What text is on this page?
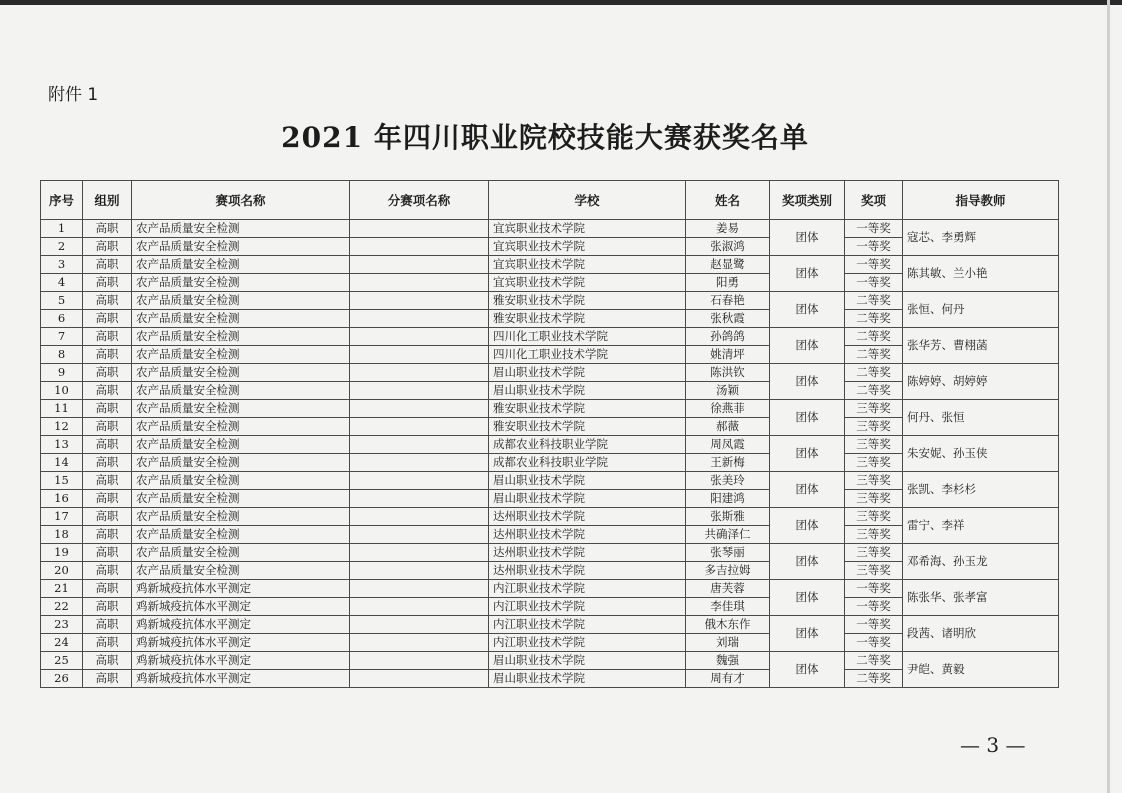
附件 1
2021 年四川职业院校技能大赛获奖名单
序号	组别	赛项名称	分赛项名称	学校	姓名	奖项类别	奖项	指导教师
1	高职	农产品质量安全检测		宜宾职业技术学院	姜易	团体	一等奖	寇芯、李勇辉
2	高职	农产品质量安全检测		宜宾职业技术学院	张淑鸿		一等奖	
3	高职	农产品质量安全检测		宜宾职业技术学院	赵显鹭	团体	一等奖	陈其敏、兰小艳
4	高职	农产品质量安全检测		宜宾职业技术学院	阳勇		一等奖	
5	高职	农产品质量安全检测		雅安职业技术学院	石春艳	团体	二等奖	张恒、何丹
6	高职	农产品质量安全检测		雅安职业技术学院	张秋霞		二等奖	
7	高职	农产品质量安全检测		四川化工职业技术学院	孙鸽鸽	团体	二等奖	张华芳、曹栩菡
8	高职	农产品质量安全检测		四川化工职业技术学院	姚清坪		二等奖	
9	高职	农产品质量安全检测		眉山职业技术学院	陈洪钦	团体	二等奖	陈婷婷、胡婷婷
10	高职	农产品质量安全检测		眉山职业技术学院	汤颖		二等奖	
11	高职	农产品质量安全检测		雅安职业技术学院	徐燕菲	团体	三等奖	何丹、张恒
12	高职	农产品质量安全检测		雅安职业技术学院	郝薇		三等奖	
13	高职	农产品质量安全检测		成都农业科技职业学院	周凤霞	团体	三等奖	朱安妮、孙玉侠
14	高职	农产品质量安全检测		成都农业科技职业学院	王新梅		三等奖	
15	高职	农产品质量安全检测		眉山职业技术学院	张美玲	团体	三等奖	张凯、李杉杉
16	高职	农产品质量安全检测		眉山职业技术学院	阳建鸿		三等奖	
17	高职	农产品质量安全检测		达州职业技术学院	张斯雅	团体	三等奖	雷宁、李祥
18	高职	农产品质量安全检测		达州职业技术学院	共确泽仁		三等奖	
19	高职	农产品质量安全检测		达州职业技术学院	张琴丽	团体	三等奖	邓希海、孙玉龙
20	高职	农产品质量安全检测		达州职业技术学院	多吉拉姆		三等奖	
21	高职	鸡新城疫抗体水平测定		内江职业技术学院	唐芙蓉	团体	一等奖	陈张华、张孝富
22	高职	鸡新城疫抗体水平测定		内江职业技术学院	李佳琪		一等奖	
23	高职	鸡新城疫抗体水平测定		内江职业技术学院	俄木东作	团体	一等奖	段茜、诸明欣
24	高职	鸡新城疫抗体水平测定		内江职业技术学院	刘瑞		一等奖	
25	高职	鸡新城疫抗体水平测定		眉山职业技术学院	魏强	团体	二等奖	尹皑、黄毅
26	高职	鸡新城疫抗体水平测定		眉山职业技术学院	周有才		二等奖	
— 3 —
